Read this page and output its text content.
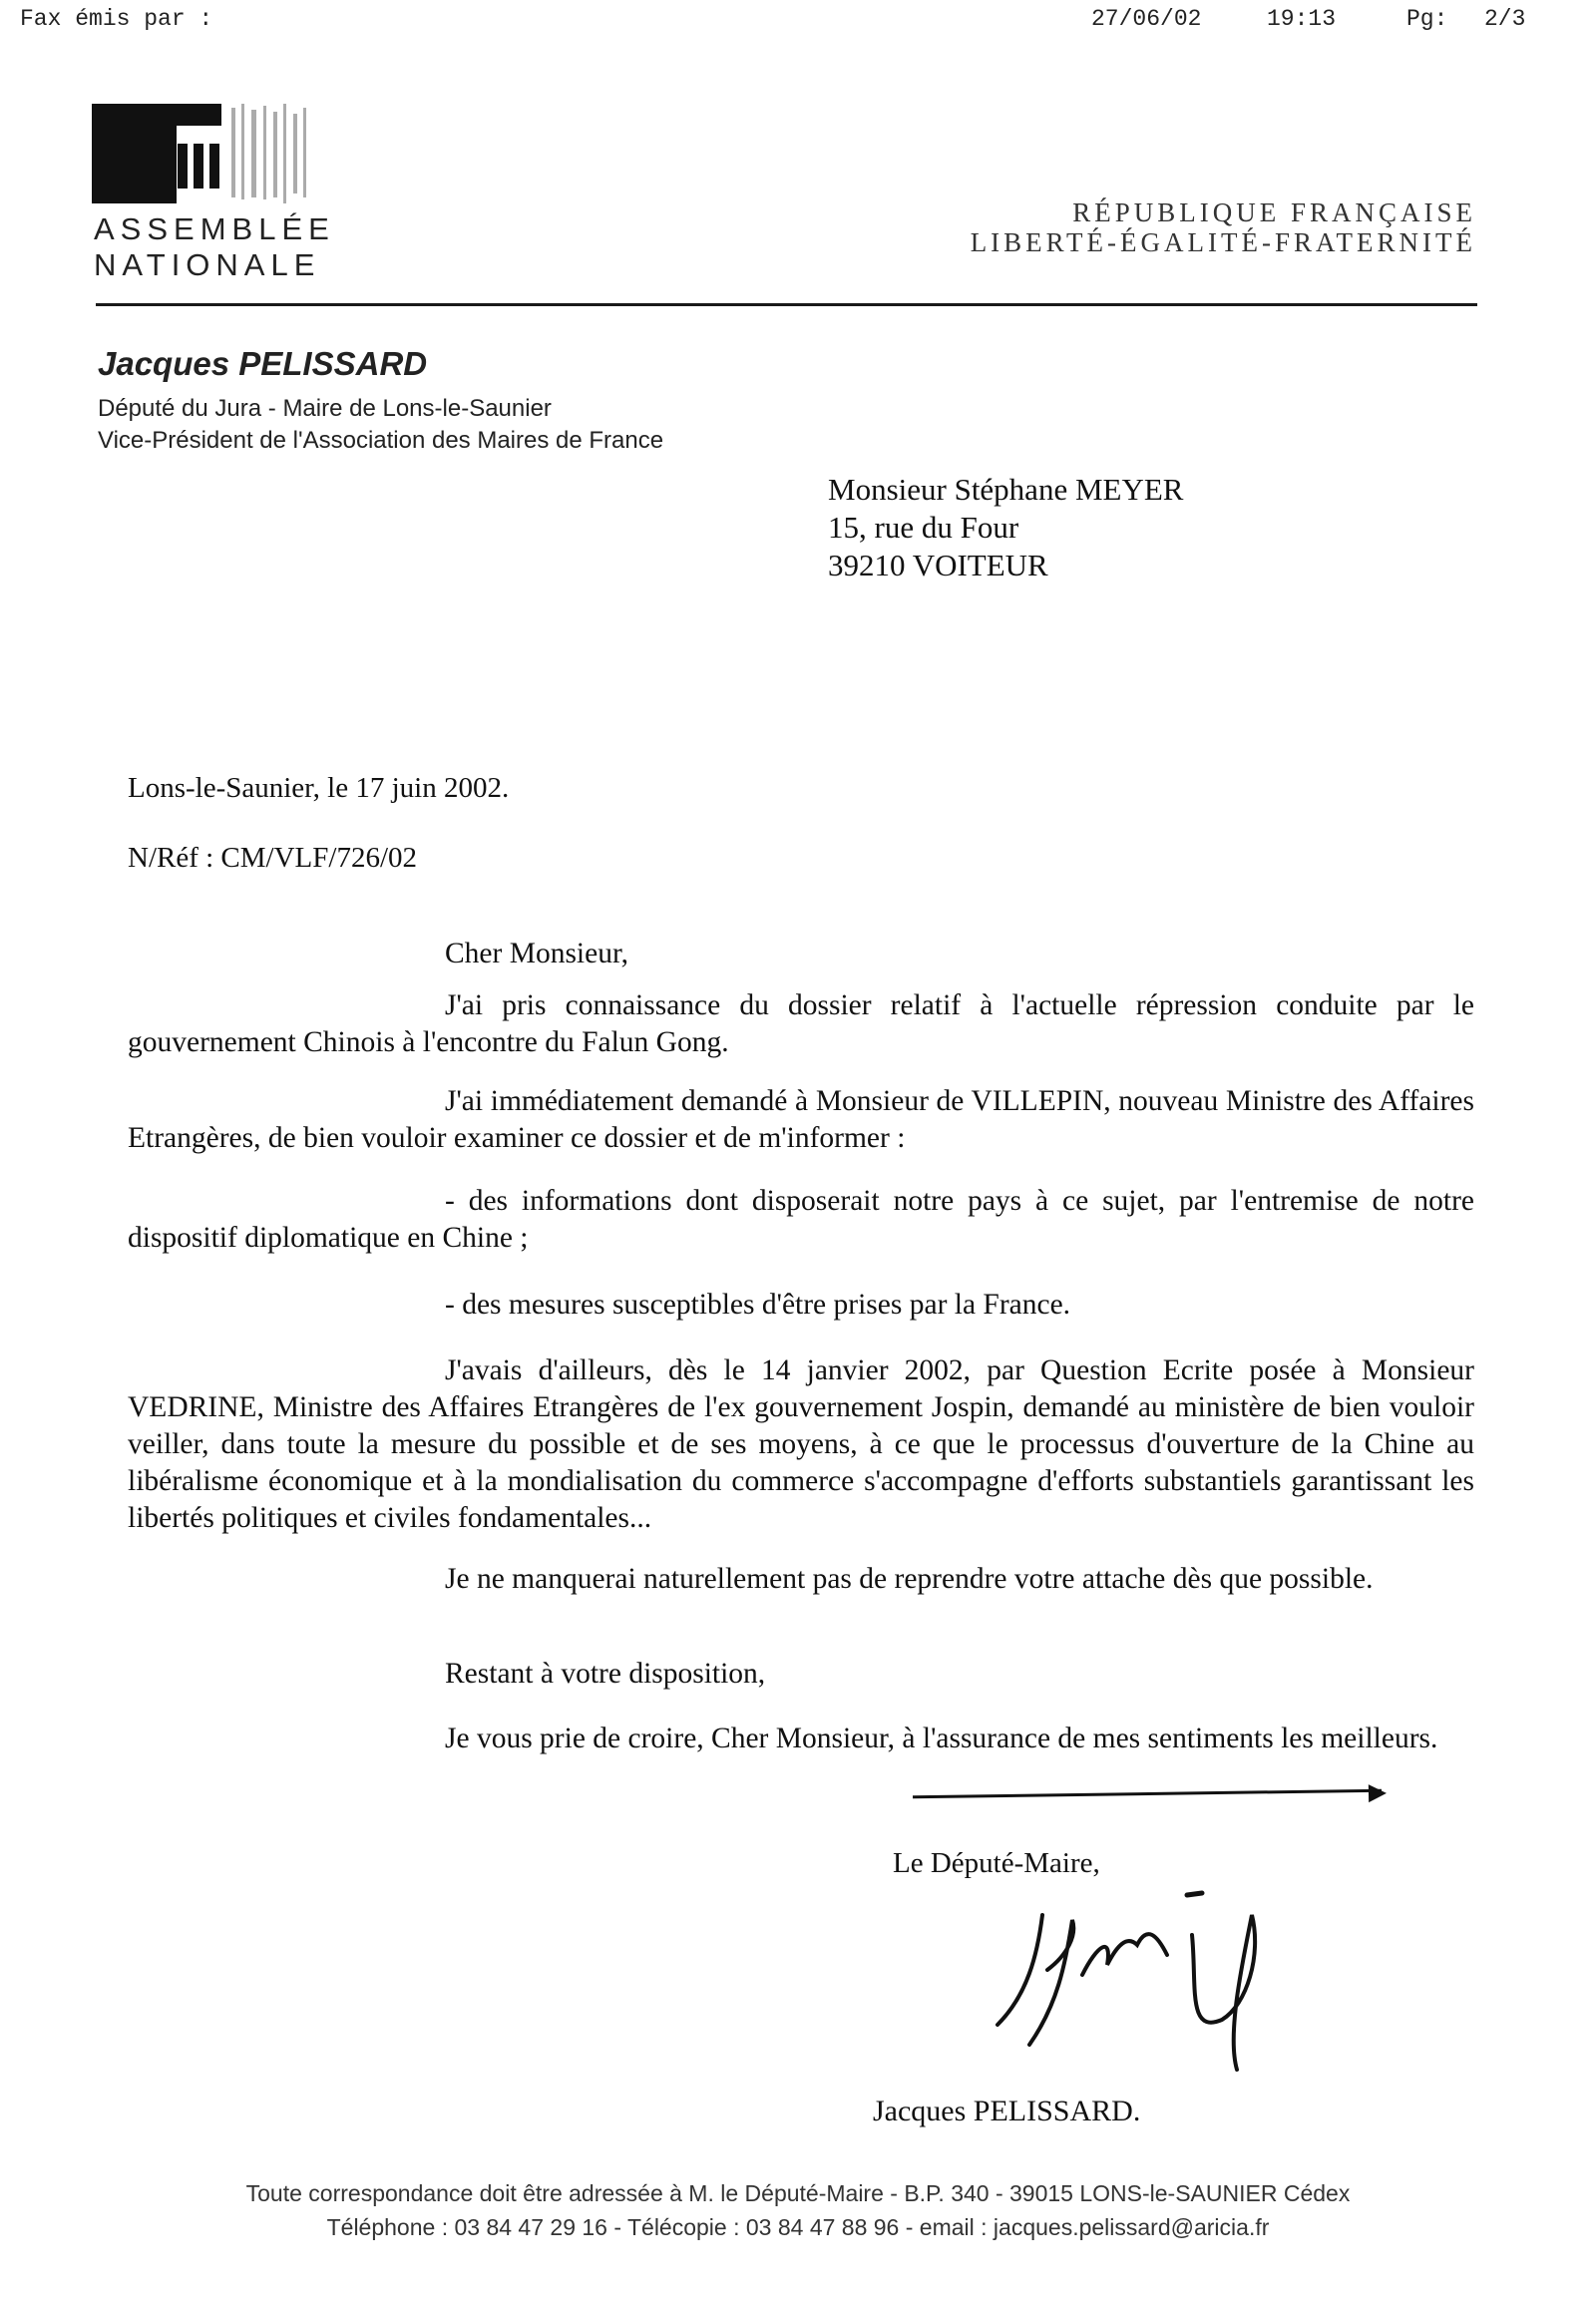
Fax émis par :	27/06/02	19:13	Pg: 2/3
ASSEMBLÉE
NATIONALE
RÉPUBLIQUE FRANÇAISE
LIBERTÉ-ÉGALITÉ-FRATERNITÉ
Jacques PELISSARD
Député du Jura - Maire de Lons-le-Saunier
Vice-Président de l'Association des Maires de France
Monsieur Stéphane MEYER
15, rue du Four
39210 VOITEUR
Lons-le-Saunier, le 17 juin 2002.
N/Réf : CM/VLF/726/02
Cher Monsieur,
J'ai pris connaissance du dossier relatif à l'actuelle répression conduite par le gouvernement Chinois à l'encontre du Falun Gong.
J'ai immédiatement demandé à Monsieur de VILLEPIN, nouveau Ministre des Affaires Etrangères, de bien vouloir examiner ce dossier et de m'informer :
- des informations dont disposerait notre pays à ce sujet, par l'entremise de notre dispositif diplomatique en Chine ;
- des mesures susceptibles d'être prises par la France.
J'avais d'ailleurs, dès le 14 janvier 2002, par Question Ecrite posée à Monsieur VEDRINE, Ministre des Affaires Etrangères de l'ex gouvernement Jospin, demandé au ministère de bien vouloir veiller, dans toute la mesure du possible et de ses moyens, à ce que le processus d'ouverture de la Chine au libéralisme économique et à la mondialisation du commerce s'accompagne d'efforts substantiels garantissant les libertés politiques et civiles fondamentales...
Je ne manquerai naturellement pas de reprendre votre attache dès que possible.
Restant à votre disposition,
Je vous prie de croire, Cher Monsieur, à l'assurance de mes sentiments les meilleurs.
Le Député-Maire,
Jacques PELISSARD.
Toute correspondance doit être adressée à M. le Député-Maire - B.P. 340 - 39015 LONS-le-SAUNIER Cédex
Téléphone : 03 84 47 29 16 - Télécopie : 03 84 47 88 96 - email : jacques.pelissard@aricia.fr
